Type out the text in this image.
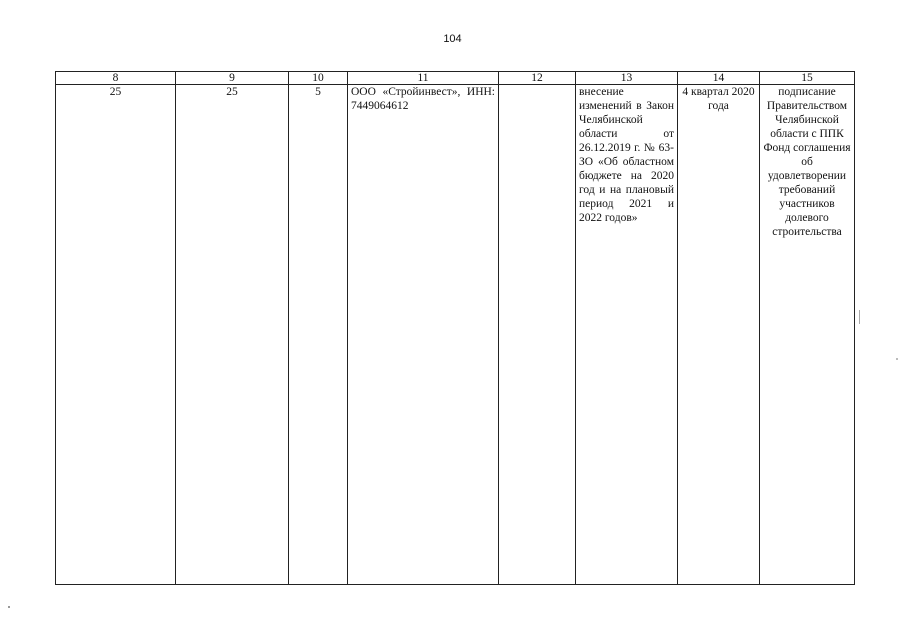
104
8	9	10	11	12	13	14	15
25	25	5	ООО «Стройинвест», ИНН: 7449064612		внесение изменений в Закон Челябинской области от 26.12.2019 г. № 63-ЗО «Об областном бюджете на 2020 год и на плановый период 2021 и 2022 годов»	4 квартал 2020 года	подписание Правительством Челябинской области с ППК Фонд соглашения об удовлетворении требований участников долевого строительства
